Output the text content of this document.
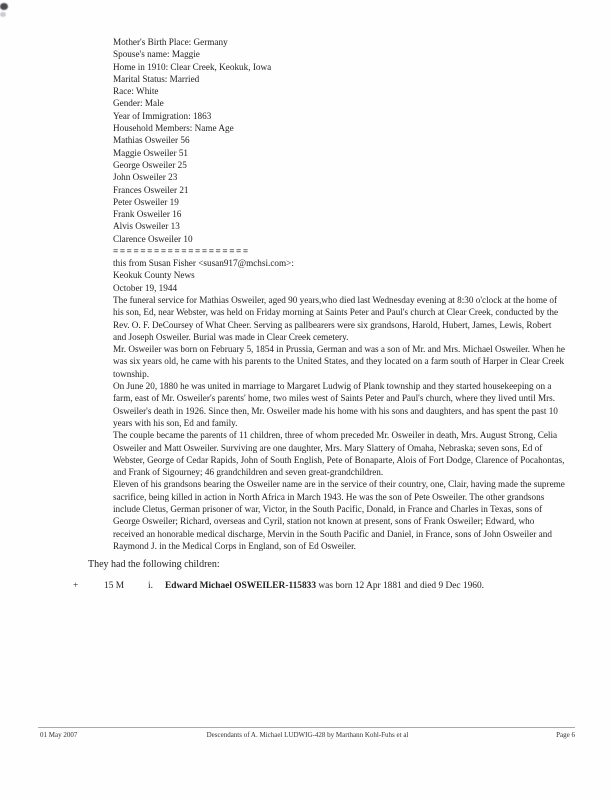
Mother's Birth Place: Germany
Spouse's name: Maggie
Home in 1910: Clear Creek, Keokuk, Iowa
Marital Status: Married
Race: White
Gender: Male
Year of Immigration: 1863
Household Members: Name Age
Mathias Osweiler 56
Maggie Osweiler 51
George Osweiler 25
John Osweiler 23
Frances Osweiler 21
Peter Osweiler 19
Frank Osweiler 16
Alvis Osweiler 13
Clarence Osweiler 10
====================
this from Susan Fisher <susan917@mchsi.com>:
Keokuk County News
October 19, 1944

The funeral service for Mathias Osweiler, aged 90 years,who died last Wednesday evening at 8:30 o'clock at the home of his son, Ed, near Webster, was held on Friday morning at Saints Peter and Paul's church at Clear Creek, conducted by the Rev. O. F. DeCoursey of What Cheer. Serving as pallbearers were six grandsons, Harold, Hubert, James, Lewis, Robert and Joseph Osweiler. Burial was made in Clear Creek cemetery.

Mr. Osweiler was born on February 5, 1854 in Prussia, German and was a son of Mr. and Mrs. Michael Osweiler. When he was six years old, he came with his parents to the United States, and they located on a farm south of Harper in Clear Creek township.

On June 20, 1880 he was united in marriage to Margaret Ludwig of Plank township and they started housekeeping on a farm, east of Mr. Osweiler's parents' home, two miles west of Saints Peter and Paul's church, where they lived until Mrs. Osweiler's death in 1926. Since then, Mr. Osweiler made his home with his sons and daughters, and has spent the past 10 years with his son, Ed and family.

The couple became the parents of 11 children, three of whom preceded Mr. Osweiler in death, Mrs. August Strong, Celia Osweiler and Matt Osweiler. Surviving are one daughter, Mrs. Mary Slattery of Omaha, Nebraska; seven sons, Ed of Webster, George of Cedar Rapids, John of South English, Pete of Bonaparte, Alois of Fort Dodge, Clarence of Pocahontas, and Frank of Sigourney; 46 grandchildren and seven great-grandchildren.

Eleven of his grandsons bearing the Osweiler name are in the service of their country, one, Clair, having made the supreme sacrifice, being killed in action in North Africa in March 1943. He was the son of Pete Osweiler. The other grandsons include Cletus, German prisoner of war, Victor, in the South Pacific, Donald, in France and Charles in Texas, sons of George Osweiler; Richard, overseas and Cyril, station not known at present, sons of Frank Osweiler; Edward, who received an honorable medical discharge, Mervin in the South Pacific and Daniel, in France, sons of John Osweiler and Raymond J. in the Medical Corps in England, son of Ed Osweiler.

They had the following children:
+	15 M	i.	Edward Michael OSWEILER-115833 was born 12 Apr 1881 and died 9 Dec 1960.
Descendants of A. Michael LUDWIG-428 by Marthann Kohl-Fuhs et al
01 May 2007	Page 6
